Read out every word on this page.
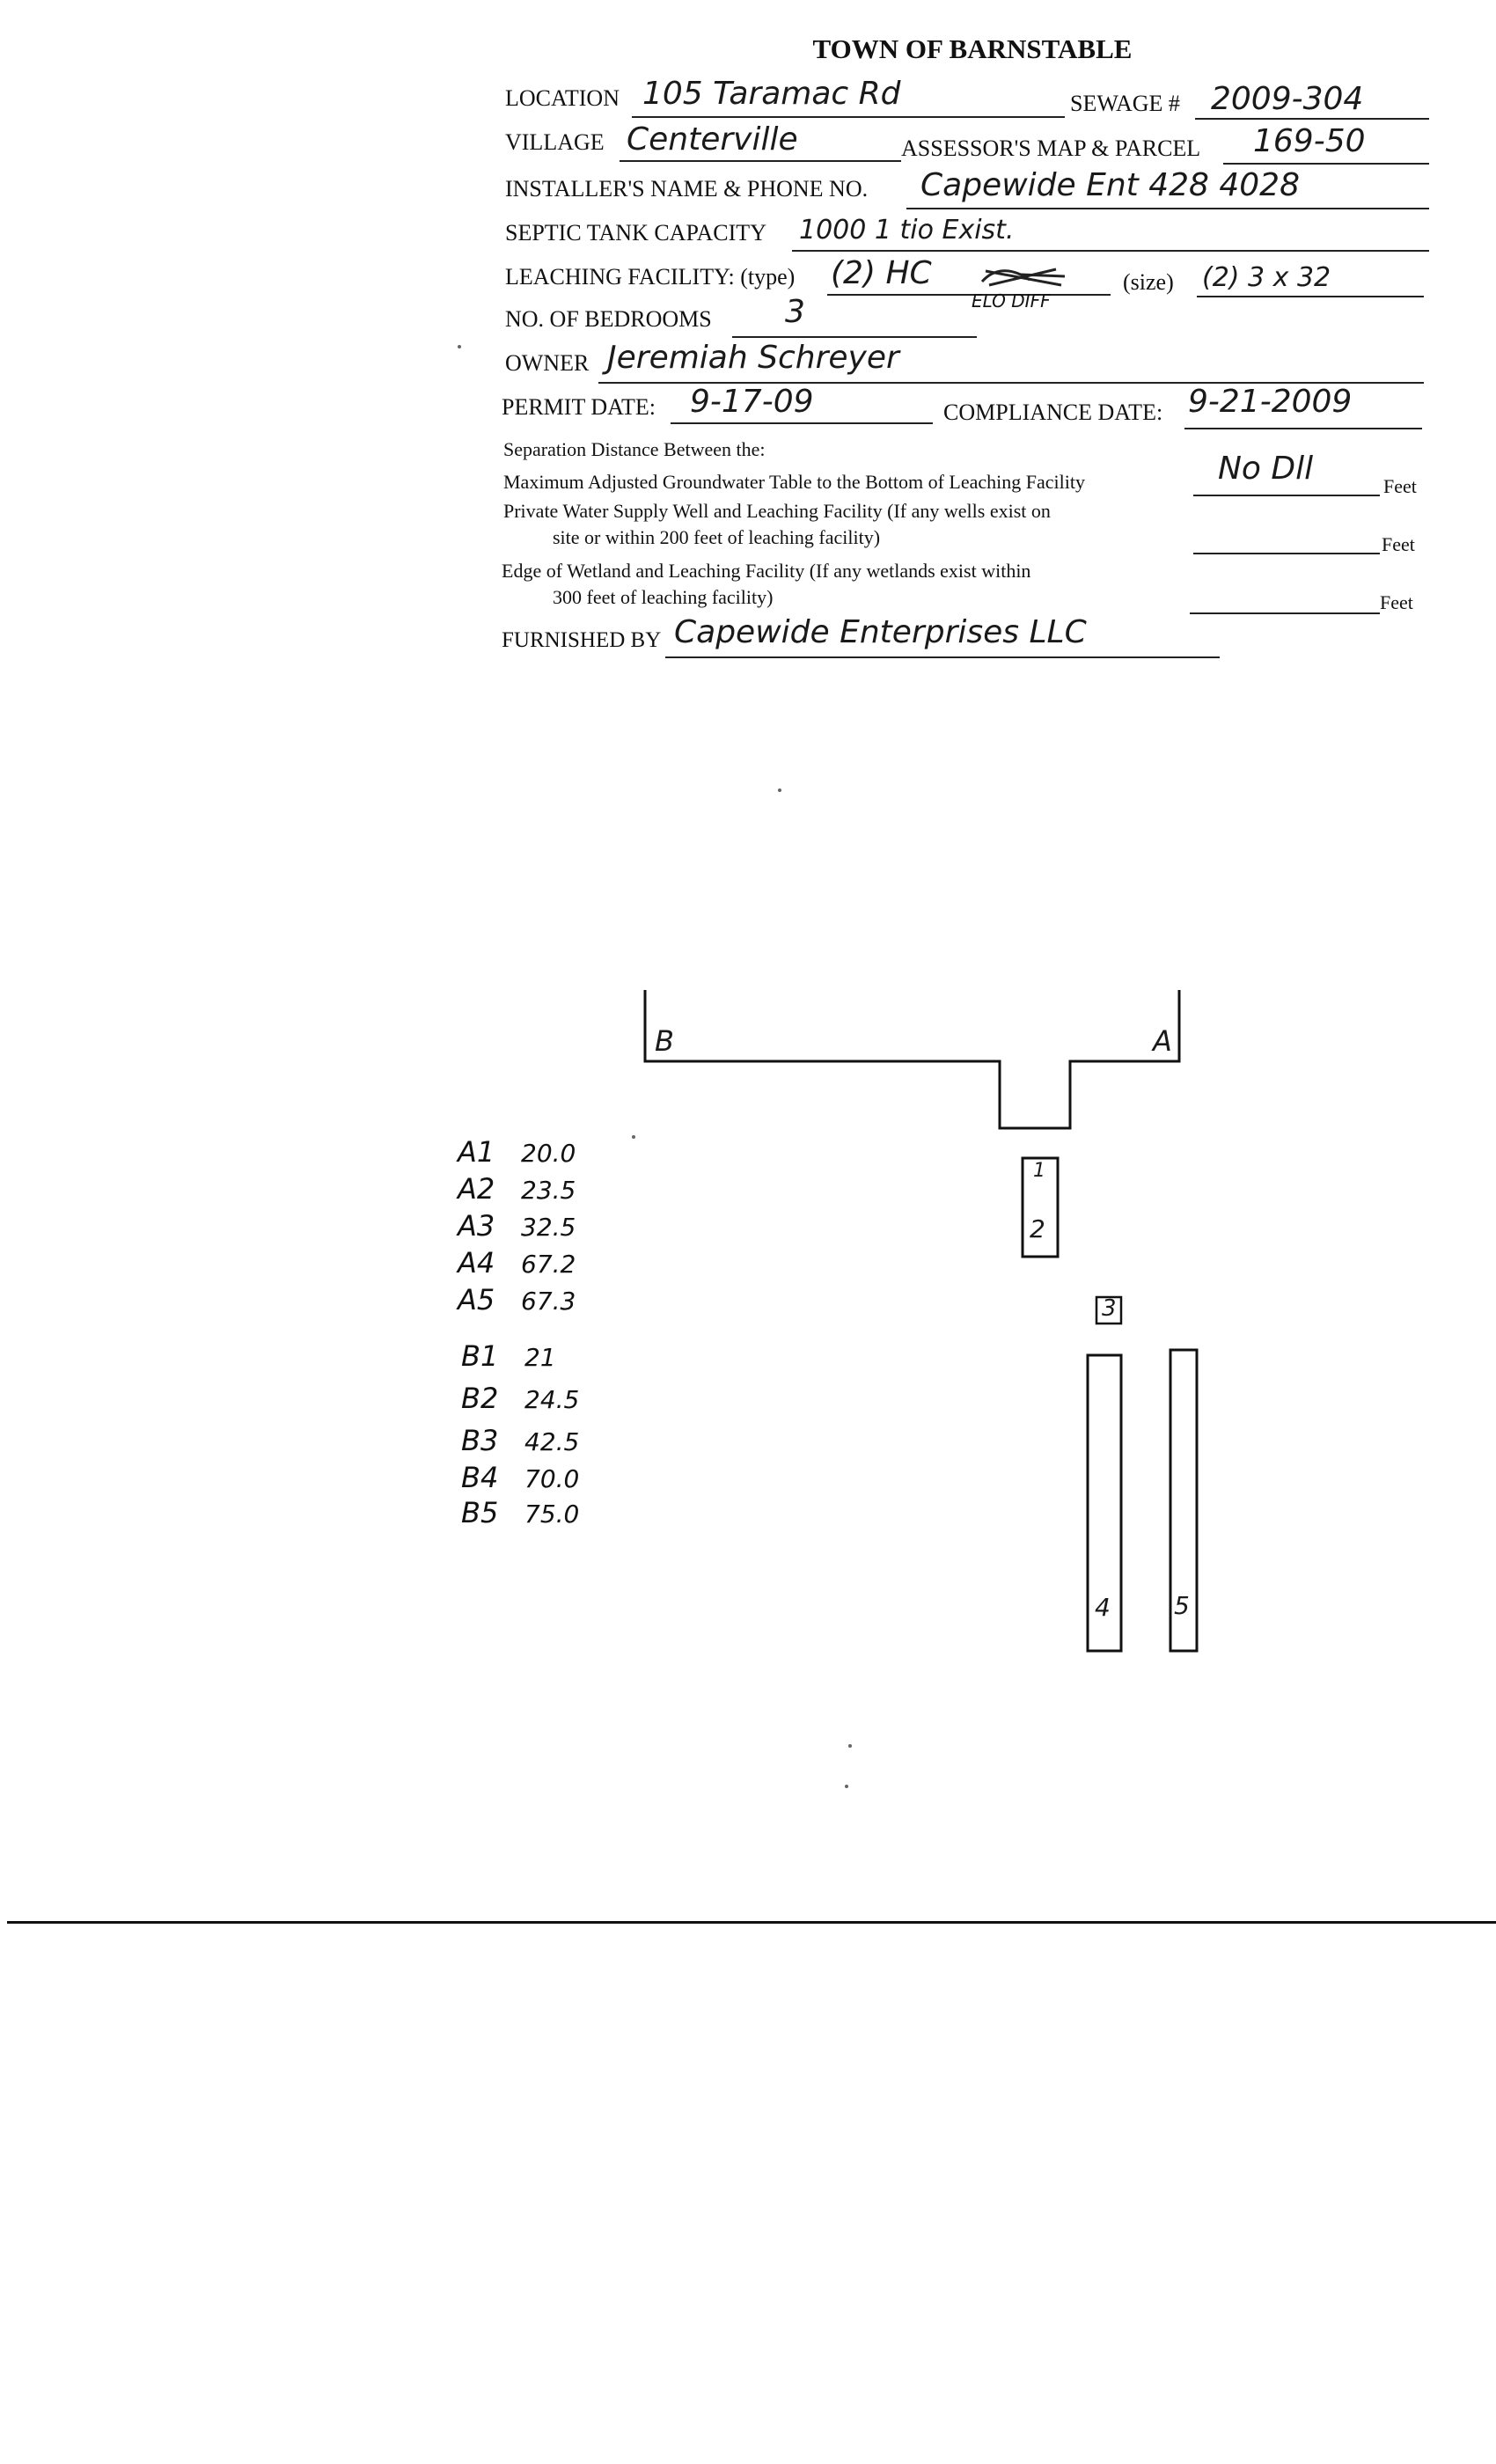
TOWN OF BARNSTABLE
LOCATION 105 Taramac Rd	SEWAGE # 2009-304
VILLAGE Centerville	ASSESSOR'S MAP & PARCEL 169-50
INSTALLER'S NAME & PHONE NO. Capewide Ent 428 4028
SEPTIC TANK CAPACITY 1000 1 tio Exist.
LEACHING FACILITY: (type) (2) HC
ELO DIFF
(size) (2) 3 x 32
NO. OF BEDROOMS 3
OWNER Jeremiah Schreyer
PERMIT DATE: 9-17-09	COMPLIANCE DATE: 9-21-2009
Separation Distance Between the:
Maximum Adjusted Groundwater Table to the Bottom of Leaching Facility	No Dll	Feet
Private Water Supply Well and Leaching Facility (If any wells exist on
site or within 200 feet of leaching facility)	Feet
Edge of Wetland and Leaching Facility (If any wetlands exist within
300 feet of leaching facility)	Feet
FURNISHED BY Capewide Enterprises LLC
B	A
1
2
3
4	5
A1 20.0
A2 23.5
A3 32.5
A4 67.2
A5 67.3
B1 21
B2 24.5
B3 42.5
B4 70.0
B5 75.0
